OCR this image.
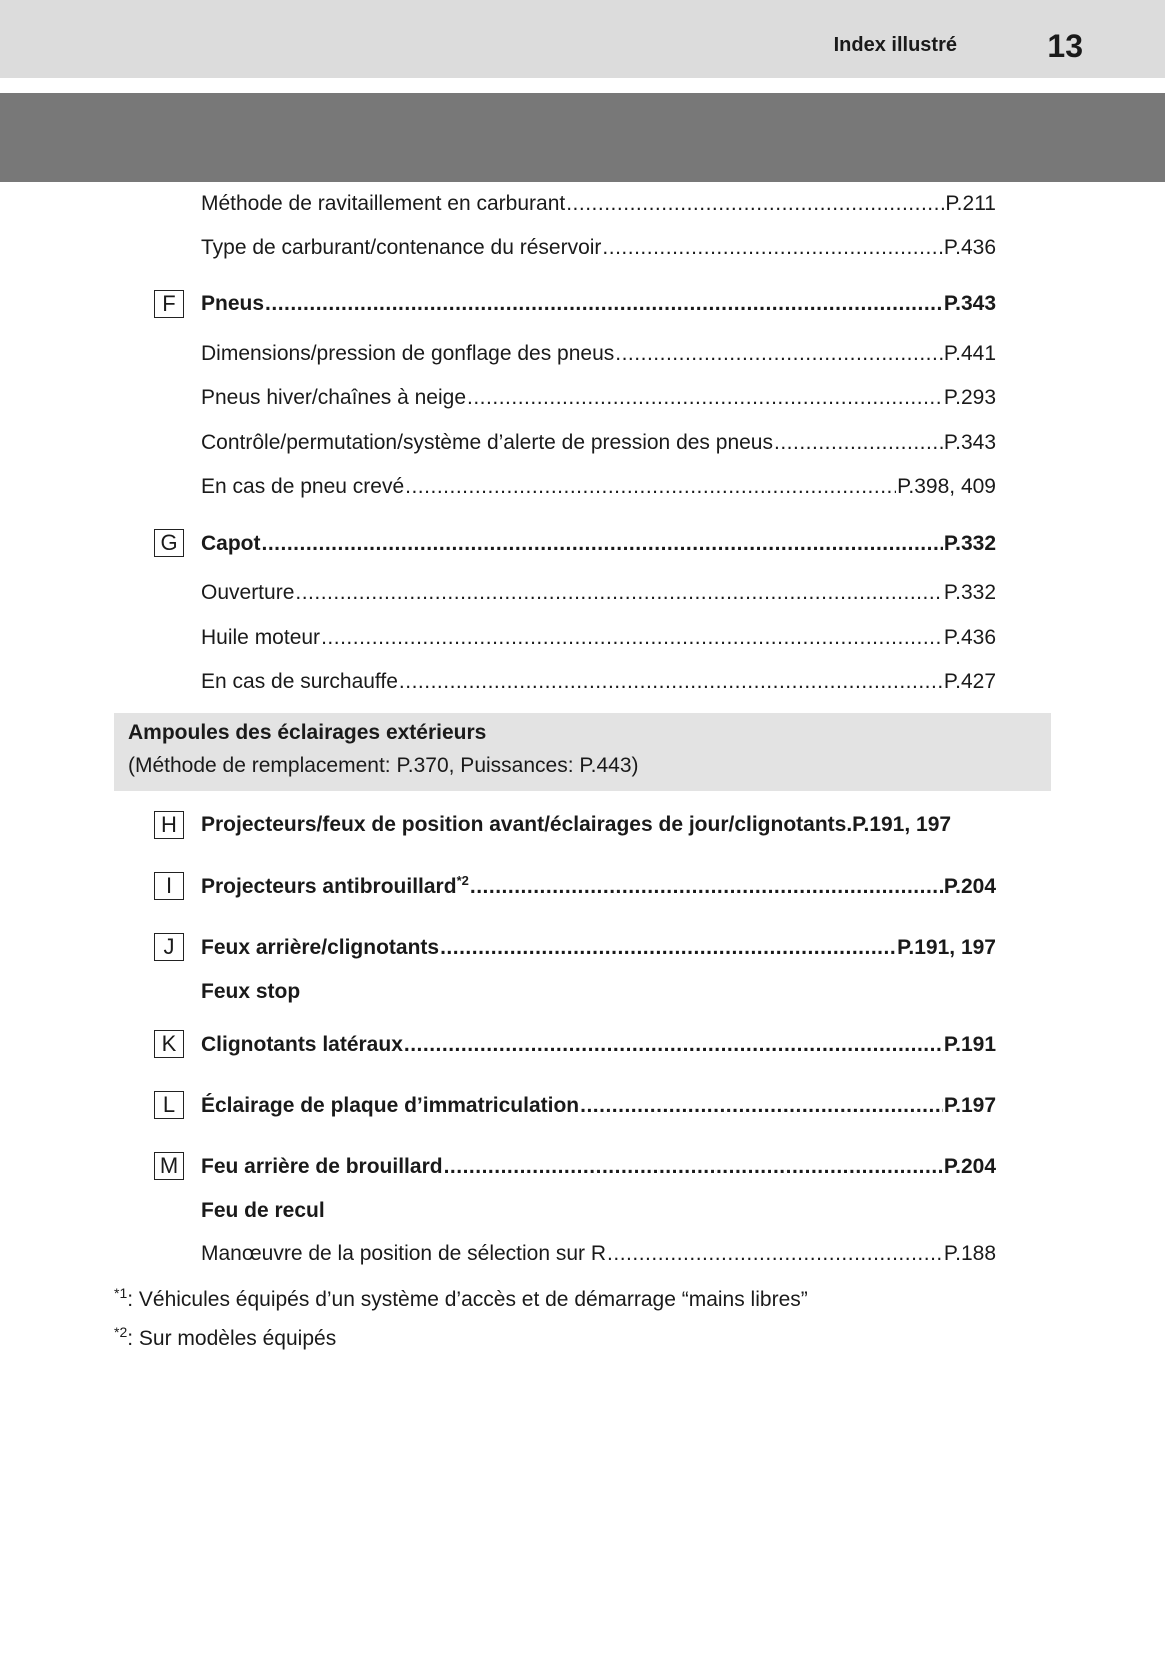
Index illustré	13
Méthode de ravitaillement en carburant .....	P.211
Type de carburant/contenance du réservoir .....	P.436
F	Pneus .....	P.343
Dimensions/pression de gonflage des pneus .....	P.441
Pneus hiver/chaînes à neige .....	P.293
Contrôle/permutation/système d’alerte de pression des pneus .....	P.343
En cas de pneu crevé .....	P.398, 409
G	Capot .....	P.332
Ouverture .....	P.332
Huile moteur .....	P.436
En cas de surchauffe .....	P.427
Ampoules des éclairages extérieurs
(Méthode de remplacement: P.370, Puissances: P.443)
H	Projecteurs/feux de position avant/éclairages de jour/clignotants .P.191, 197
I	Projecteurs antibrouillard$^{*2}$ .....	P.204
J	Feux arrière/clignotants .....	P.191, 197
Feux stop
K	Clignotants latéraux .....	P.191
L	Éclairage de plaque d’immatriculation .....	P.197
M Feu arrière de brouillard .....	P.204
Feu de recul
Manœuvre de la position de sélection sur R .....	P.188
$^{*1}$: Véhicules équipés d’un système d’accès et de démarrage “mains libres”
$^{*2}$: Sur modèles équipés
